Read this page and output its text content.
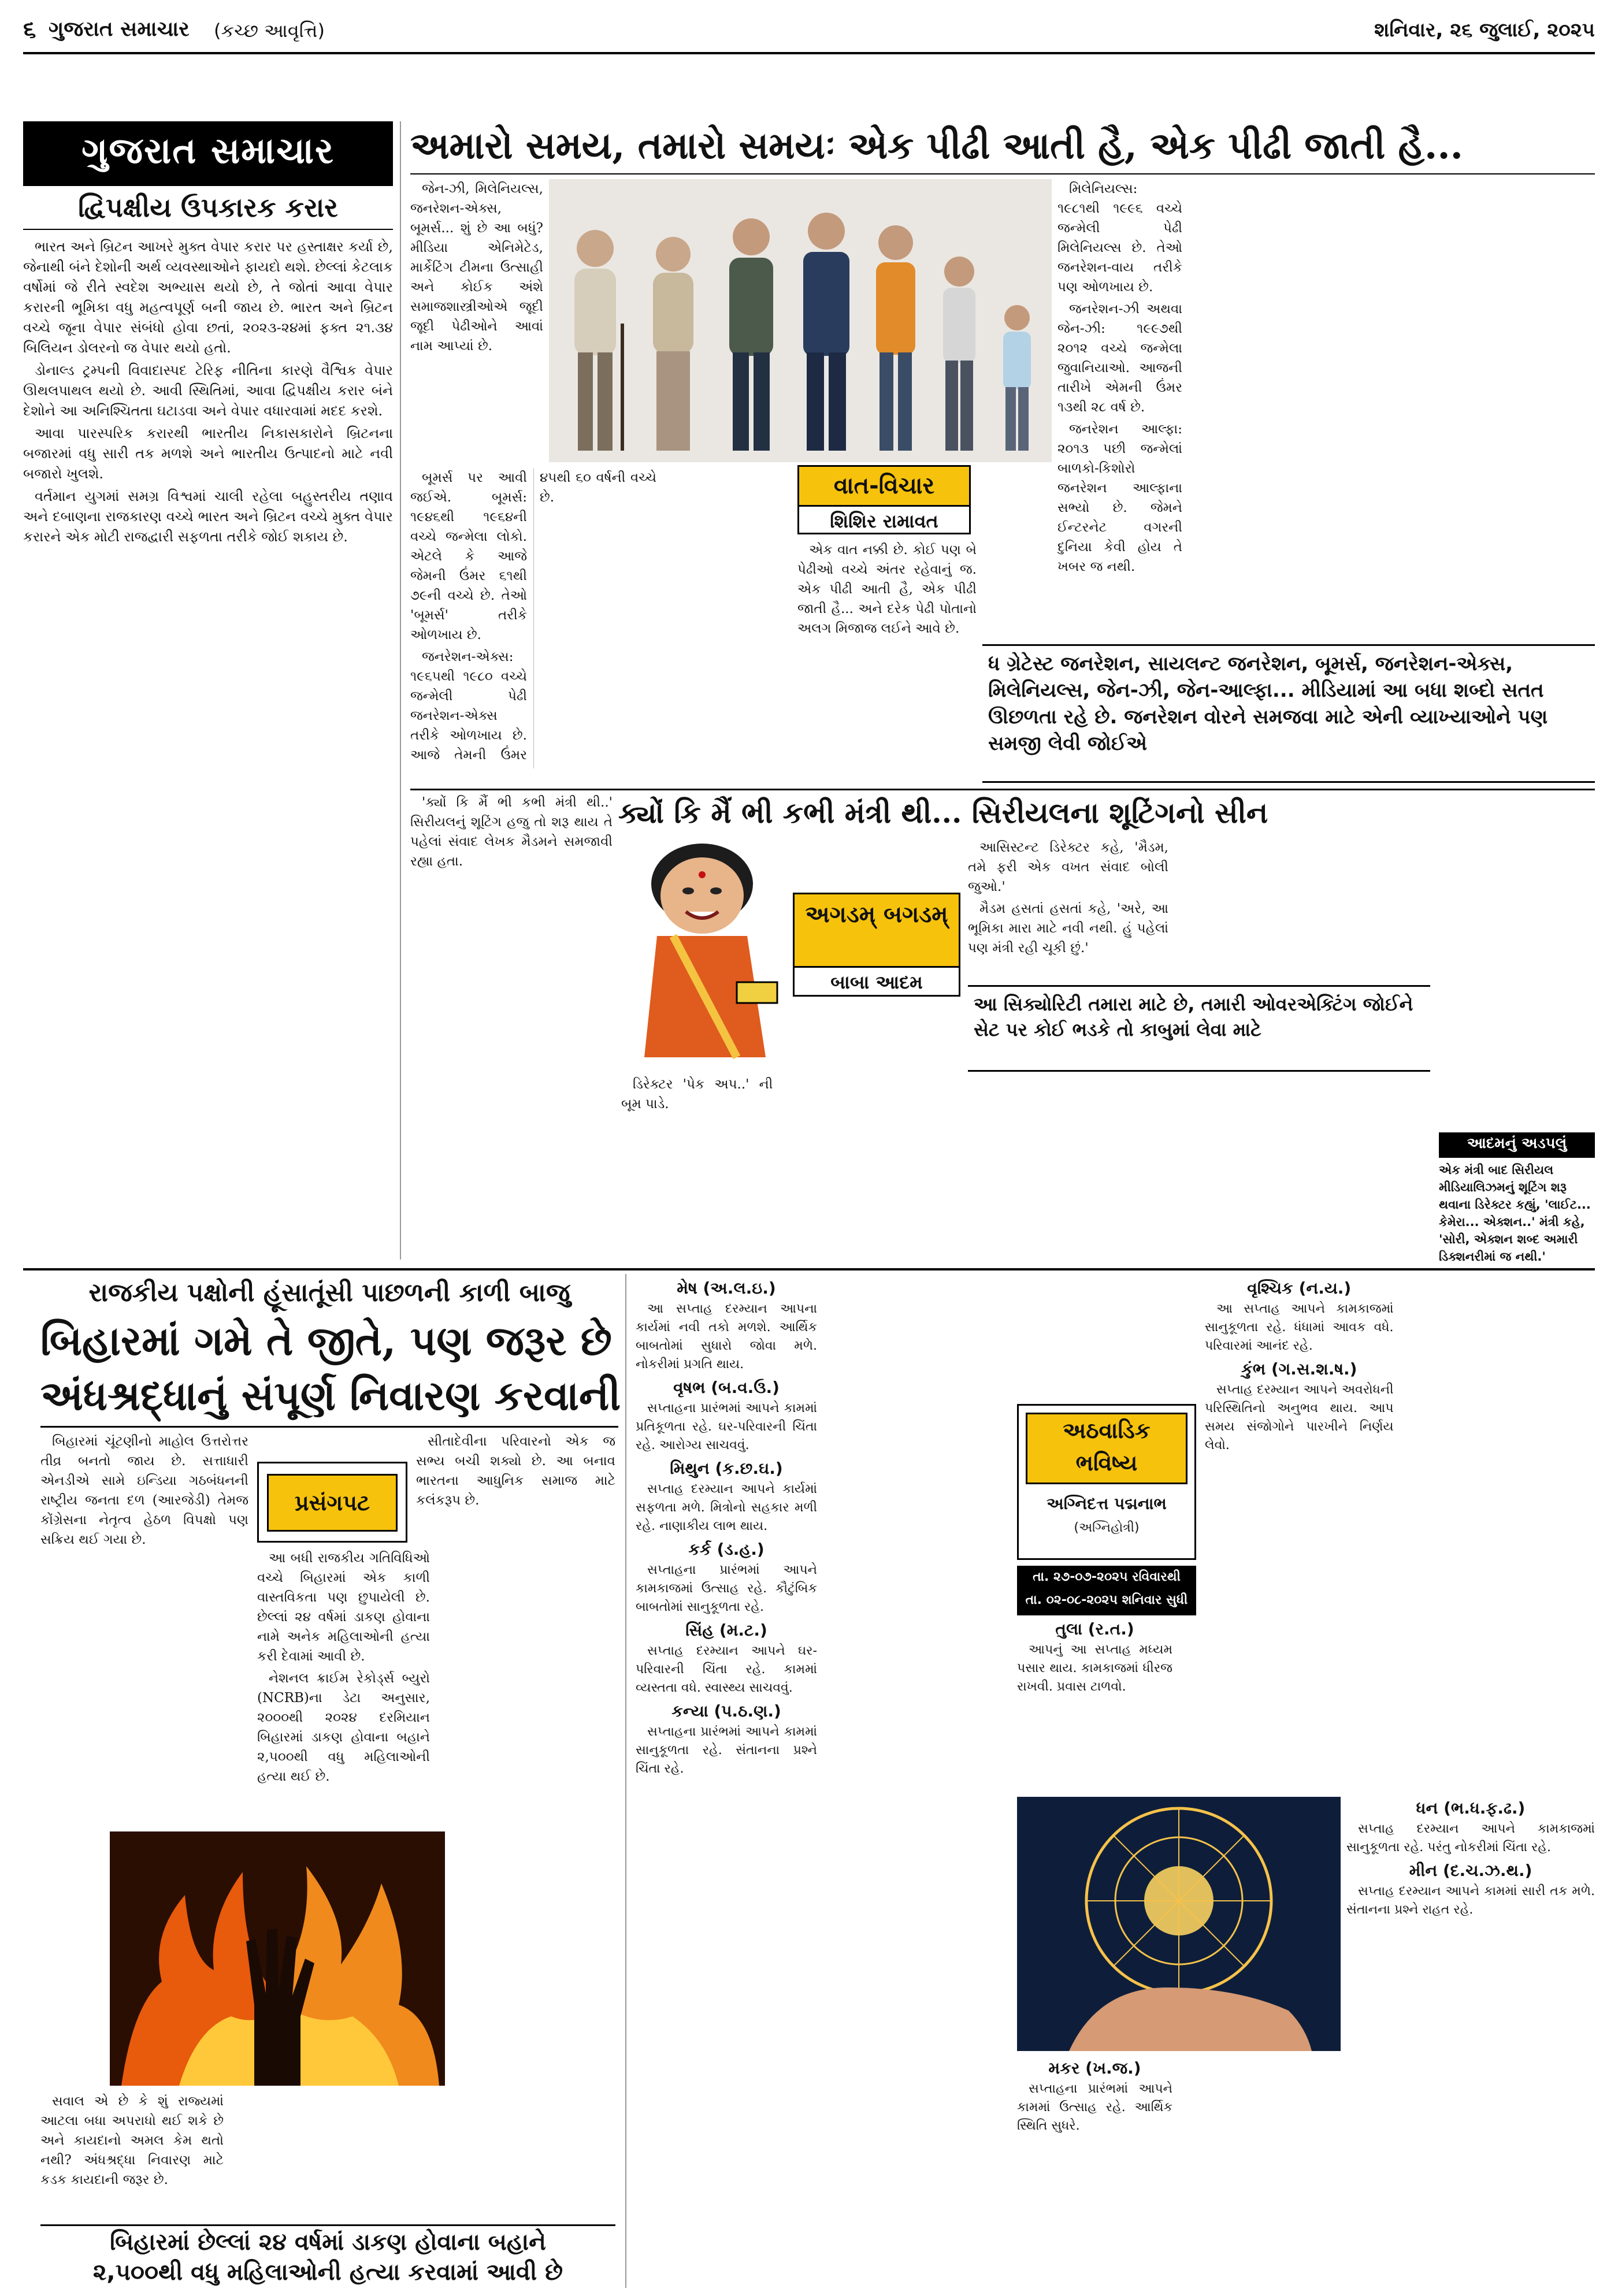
૬ ગુજરાત સમાચાર (કચ્છ આવૃત્તિ)	શનિવાર, ૨૬ જુલાઈ, ૨૦૨૫
ગુજરાત સમાચાર
દ્વિપક્ષીય ઉપકારક કરાર

ભારત અને બ્રિટન આખરે મુક્ત વેપાર કરાર પર હસ્તાક્ષર કર્યા છે, જેનાથી બંને દેશોની અર્થ વ્યવસ્થાઓને ફાયદો થશે. છેલ્લાં કેટલાક વર્ષોમાં જે રીતે સ્વદેશ અભ્યાસ થયો છે, તે જોતાં આવા વેપાર કરારની ભૂમિકા વધુ મહત્વપૂર્ણ બની જાય છે. ભારત અને બ્રિટન વચ્ચે જૂના વેપાર સંબંધો હોવા છતાં, ૨૦૨૩-૨૪માં ફક્ત ૨૧.૩૪ બિલિયન ડોલરનો જ વેપાર થયો હતો.

ડોનાલ્ડ ટ્રમ્પની વિવાદાસ્પદ ટેરિફ નીતિના કારણે વૈશ્વિક વેપાર ઊથલપાથલ થયો છે. આવી સ્થિતિમાં, આવા દ્વિપક્ષીય કરાર બંને દેશોને આ અનિશ્ચિતતા ઘટાડવા અને વેપાર વધારવામાં મદદ કરશે.

આવા પારસ્પરિક કરારથી ભારતીય નિકાસકારોને બ્રિટનના બજારમાં વધુ સારી તક મળશે અને ભારતીય ઉત્પાદનો માટે નવી બજારો ખુલશે.

વર્તમાન યુગમાં સમગ્ર વિશ્વમાં ચાલી રહેલા બહુસ્તરીય તણાવ અને દબાણના રાજકારણ વચ્ચે ભારત અને બ્રિટન વચ્ચે મુક્ત વેપાર કરારને એક મોટી રાજદ્વારી સફળતા તરીકે જોઈ શકાય છે.

અમારો સમય, તમારો સમયઃ એક પીઢી આતી હૈ, એક પીઢી જાતી હૈ...

જેન-ઝી, મિલેનિયલ્સ, જનરેશન-એક્સ, બૂમર્સ... શું છે આ બધું? મીડિયા એનિમેટેડ, માર્કેટિંગ ટીમના ઉત્સાહી અને કોઈક અંશે સમાજશાસ્ત્રીઓએ જૂદી જૂદી પેઢીઓને આવાં નામ આપ્યાં છે.

મિલેનિયલ્સ: ૧૯૮૧થી ૧૯૯૬ વચ્ચે જન્મેલી પેઢી મિલેનિયલ્સ છે. તેઓ જનરેશન-વાય તરીકે પણ ઓળખાય છે.

જનરેશન-ઝી અથવા જેન-ઝી: ૧૯૯૭થી ૨૦૧૨ વચ્ચે જન્મેલા જુવાનિયાઓ. આજની તારીખે એમની ઉંમર ૧૩થી ૨૮ વર્ષ છે.

જનરેશન આલ્ફા: ૨૦૧૩ પછી જન્મેલાં બાળકો-કિશોરો જનરેશન આલ્ફાના સભ્યો છે. જેમને ઈન્ટરનેટ વગરની દુનિયા કેવી હોય તે ખબર જ નથી.

વાત-વિચાર
શિશિર રામાવત
ધ ગ્રેટેસ્ટ જનરેશન, સાયલન્ટ જનરેશન, બૂમર્સ, જનરેશન-એક્સ, મિલેનિયલ્સ, જેન-ઝી, જેન-આલ્ફા... મીડિયામાં આ બધા શબ્દો સતત ઊછળતા રહે છે. જનરેશન વોરને સમજવા માટે એની વ્યાખ્યાઓને પણ સમજી લેવી જોઈએ

બૂમર્સ પર આવી જઈએ. બૂમર્સ: ૧૯૪૬થી ૧૯૬૪ની વચ્ચે જન્મેલા લોકો. એટલે કે આજે જેમની ઉંમર ૬૧થી ૭૯ની વચ્ચે છે. તેઓ 'બૂમર્સ' તરીકે ઓળખાય છે.

જનરેશન-એક્સ: ૧૯૬૫થી ૧૯૮૦ વચ્ચે જન્મેલી પેઢી જનરેશન-એક્સ તરીકે ઓળખાય છે. આજે તેમની ઉંમર ૪૫થી ૬૦ વર્ષની વચ્ચે છે.

એક વાત નક્કી છે. કોઈ પણ બે પેઢીઓ વચ્ચે અંતર રહેવાનું જ. એક પીઢી આતી હૈ, એક પીઢી જાતી હૈ... અને દરેક પેઢી પોતાનો અલગ મિજાજ લઈને આવે છે.

ક્યોં કિ મૈં ભી કભી મંત્રી થી... સિરીયલના શૂટિંગનો સીન

'ક્યોં કિ મૈં ભી કભી મંત્રી થી..' સિરીયલનું શૂટિંગ હજુ તો શરૂ થાય તે પહેલાં સંવાદ લેખક મૈડમને સમજાવી રહ્યા હતા.

અગડમ્ બગડમ્
બાબા આદમ

આસિસ્ટન્ટ ડિરેક્ટર કહે, 'મૈડમ, તમે ફરી એક વખત સંવાદ બોલી જુઓ.'

મૈડમ હસતાં હસતાં કહે, 'અરે, આ ભૂમિકા મારા માટે નવી નથી. હું પહેલાં પણ મંત્રી રહી ચૂકી છું.'

આ સિક્યોરિટી તમારા માટે છે, તમારી ઓવરએક્ટિંગ જોઈને સેટ પર કોઈ ભડકે તો કાબુમાં લેવા માટે

ડિરેક્ટર 'પેક અપ..' ની બૂમ પાડે.

આદમનું અડપલું
એક મંત્રી બાદ સિરીયલ મીડિયાલિઝમનું શૂટિંગ શરૂ થવાના ડિરેક્ટર કહ્યું, 'લાઈટ... કેમેરા... એક્શન..' મંત્રી કહે, 'સોરી, એક્શન શબ્દ અમારી ડિક્શનરીમાં જ નથી.'
રાજકીય પક્ષોની હૂંસાતૂંસી પાછળની કાળી બાજુ
બિહારમાં ગમે તે જીતે, પણ જરૂર છે
અંધશ્રદ્ધાનું સંપૂર્ણ નિવારણ કરવાની

બિહારમાં ચૂંટણીનો માહોલ ઉત્તરોત્તર તીવ્ર બનતો જાય છે. સત્તાધારી એનડીએ સામે ઇન્ડિયા ગઠબંધનની રાષ્ટ્રીય જનતા દળ (આરજેડી) તેમજ કોંગ્રેસના નેતૃત્વ હેઠળ વિપક્ષો પણ સક્રિય થઈ ગયા છે.

પ્રસંગપટ

આ બધી રાજકીય ગતિવિધિઓ વચ્ચે બિહારમાં એક કાળી વાસ્તવિકતા પણ છુપાયેલી છે. છેલ્લાં ૨૪ વર્ષમાં ડાકણ હોવાના નામે અનેક મહિલાઓની હત્યા કરી દેવામાં આવી છે.

નેશનલ ક્રાઈમ રેકોર્ડ્સ બ્યુરો (NCRB)ના ડેટા અનુસાર, ૨૦૦૦થી ૨૦૨૪ દરમિયાન બિહારમાં ડાકણ હોવાના બહાને ૨,૫૦૦થી વધુ મહિલાઓની હત્યા થઈ છે.

સીતાદેવીના પરિવારનો એક જ સભ્ય બચી શક્યો છે. આ બનાવ ભારતના આધુનિક સમાજ માટે કલંકરૂપ છે.

સવાલ એ છે કે શું રાજ્યમાં આટલા બધા અપરાધો થઈ શકે છે અને કાયદાનો અમલ કેમ થતો નથી? અંધશ્રદ્ધા નિવારણ માટે કડક કાયદાની જરૂર છે.

બિહારમાં છેલ્લાં ૨૪ વર્ષમાં ડાકણ હોવાના બહાને
૨,૫૦૦થી વધુ મહિલાઓની હત્યા કરવામાં આવી છે
મેષ (અ.લ.ઇ.)

આ સપ્તાહ દરમ્યાન આપના કાર્યમાં નવી તકો મળશે. આર્થિક બાબતોમાં સુધારો જોવા મળે. નોકરીમાં પ્રગતિ થાય.

વૃષભ (બ.વ.ઉ.)

સપ્તાહના પ્રારંભમાં આપને કામમાં પ્રતિકૂળતા રહે. ઘર-પરિવારની ચિંતા રહે. આરોગ્ય સાચવવું.

મિથુન (ક.છ.ઘ.)

સપ્તાહ દરમ્યાન આપને કાર્યમાં સફળતા મળે. મિત્રોનો સહકાર મળી રહે. નાણાકીય લાભ થાય.

કર્ક (ડ.હ.)

સપ્તાહના પ્રારંભમાં આપને કામકાજમાં ઉત્સાહ રહે. કૌટુંબિક બાબતોમાં સાનુકૂળતા રહે.

સિંહ (મ.ટ.)

સપ્તાહ દરમ્યાન આપને ઘર-પરિવારની ચિંતા રહે. કામમાં વ્યસ્તતા વધે. સ્વાસ્થ્ય સાચવવું.

કન્યા (પ.ઠ.ણ.)

સપ્તાહના પ્રારંભમાં આપને કામમાં સાનુકૂળતા રહે. સંતાનના પ્રશ્ને ચિંતા રહે.

અઠવાડિક
ભવિષ્ય
અગ્નિદત્ત પદ્મનાભ
(અગ્નિહોત્રી)
તા. ૨૭-૦૭-૨૦૨૫ રવિવારથી
તા. ૦૨-૦૮-૨૦૨૫ શનિવાર સુધી
તુલા (ર.ત.)

આપનું આ સપ્તાહ મધ્યમ પસાર થાય. કામકાજમાં ધીરજ રાખવી. પ્રવાસ ટાળવો.

મકર (ખ.જ.)

સપ્તાહના પ્રારંભમાં આપને કામમાં ઉત્સાહ રહે. આર્થિક સ્થિતિ સુધરે.

વૃશ્ચિક (ન.ય.)

આ સપ્તાહ આપને કામકાજમાં સાનુકૂળતા રહે. ધંધામાં આવક વધે. પરિવારમાં આનંદ રહે.

કુંભ (ગ.સ.શ.ષ.)

સપ્તાહ દરમ્યાન આપને અવરોધની પરિસ્થિતિનો અનુભવ થાય. આપ સમય સંજોગોને પારખીને નિર્ણય લેવો.

ધન (ભ.ધ.ફ.ઢ.)

સપ્તાહ દરમ્યાન આપને કામકાજમાં સાનુકૂળતા રહે. પરંતુ નોકરીમાં ચિંતા રહે.

મીન (દ.ચ.ઝ.થ.)

સપ્તાહ દરમ્યાન આપને કામમાં સારી તક મળે. સંતાનના પ્રશ્ને રાહત રહે.
